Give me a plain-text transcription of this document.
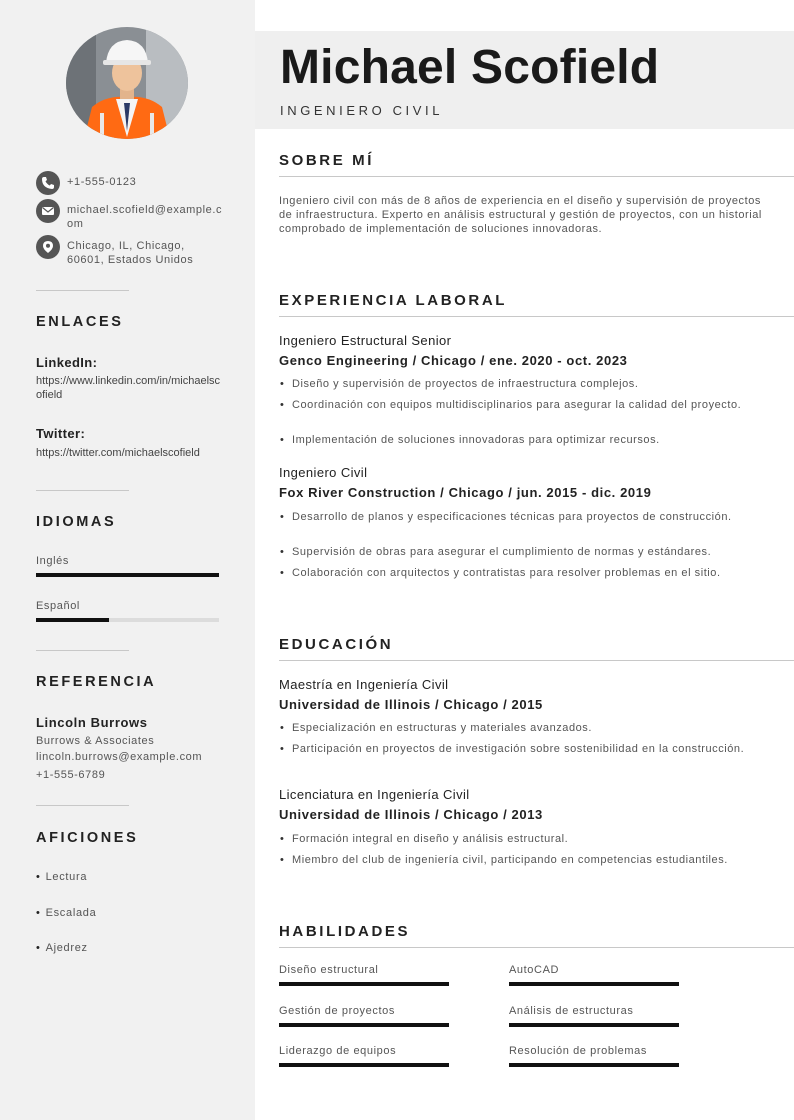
+1-555-0123
michael.scofield@example.com
Chicago, IL, Chicago, 60601, Estados Unidos
ENLACES
LinkedIn:
https://www.linkedin.com/in/michaelscofield
Twitter:
https://twitter.com/michaelscofield
IDIOMAS
Inglés
Español
REFERENCIA
Lincoln Burrows
Burrows & Associates
lincoln.burrows@example.com
+1-555-6789
AFICIONES
• Lectura
• Escalada
• Ajedrez
Michael Scofield
INGENIERO CIVIL
SOBRE MÍ
Ingeniero civil con más de 8 años de experiencia en el diseño y supervisión de proyectos de infraestructura. Experto en análisis estructural y gestión de proyectos, con un historial comprobado de implementación de soluciones innovadoras.
EXPERIENCIA LABORAL
Ingeniero Estructural Senior
Genco Engineering / Chicago / ene. 2020 - oct. 2023
• Diseño y supervisión de proyectos de infraestructura complejos.
• Coordinación con equipos multidisciplinarios para asegurar la calidad del proyecto.
• Implementación de soluciones innovadoras para optimizar recursos.
Ingeniero Civil
Fox River Construction / Chicago / jun. 2015 - dic. 2019
• Desarrollo de planos y especificaciones técnicas para proyectos de construcción.
• Supervisión de obras para asegurar el cumplimiento de normas y estándares.
• Colaboración con arquitectos y contratistas para resolver problemas en el sitio.
EDUCACIÓN
Maestría en Ingeniería Civil
Universidad de Illinois / Chicago / 2015
• Especialización en estructuras y materiales avanzados.
• Participación en proyectos de investigación sobre sostenibilidad en la construcción.
Licenciatura en Ingeniería Civil
Universidad de Illinois / Chicago / 2013
• Formación integral en diseño y análisis estructural.
• Miembro del club de ingeniería civil, participando en competencias estudiantiles.
HABILIDADES
Diseño estructural	AutoCAD
Gestión de proyectos	Análisis de estructuras
Liderazgo de equipos	Resolución de problemas
